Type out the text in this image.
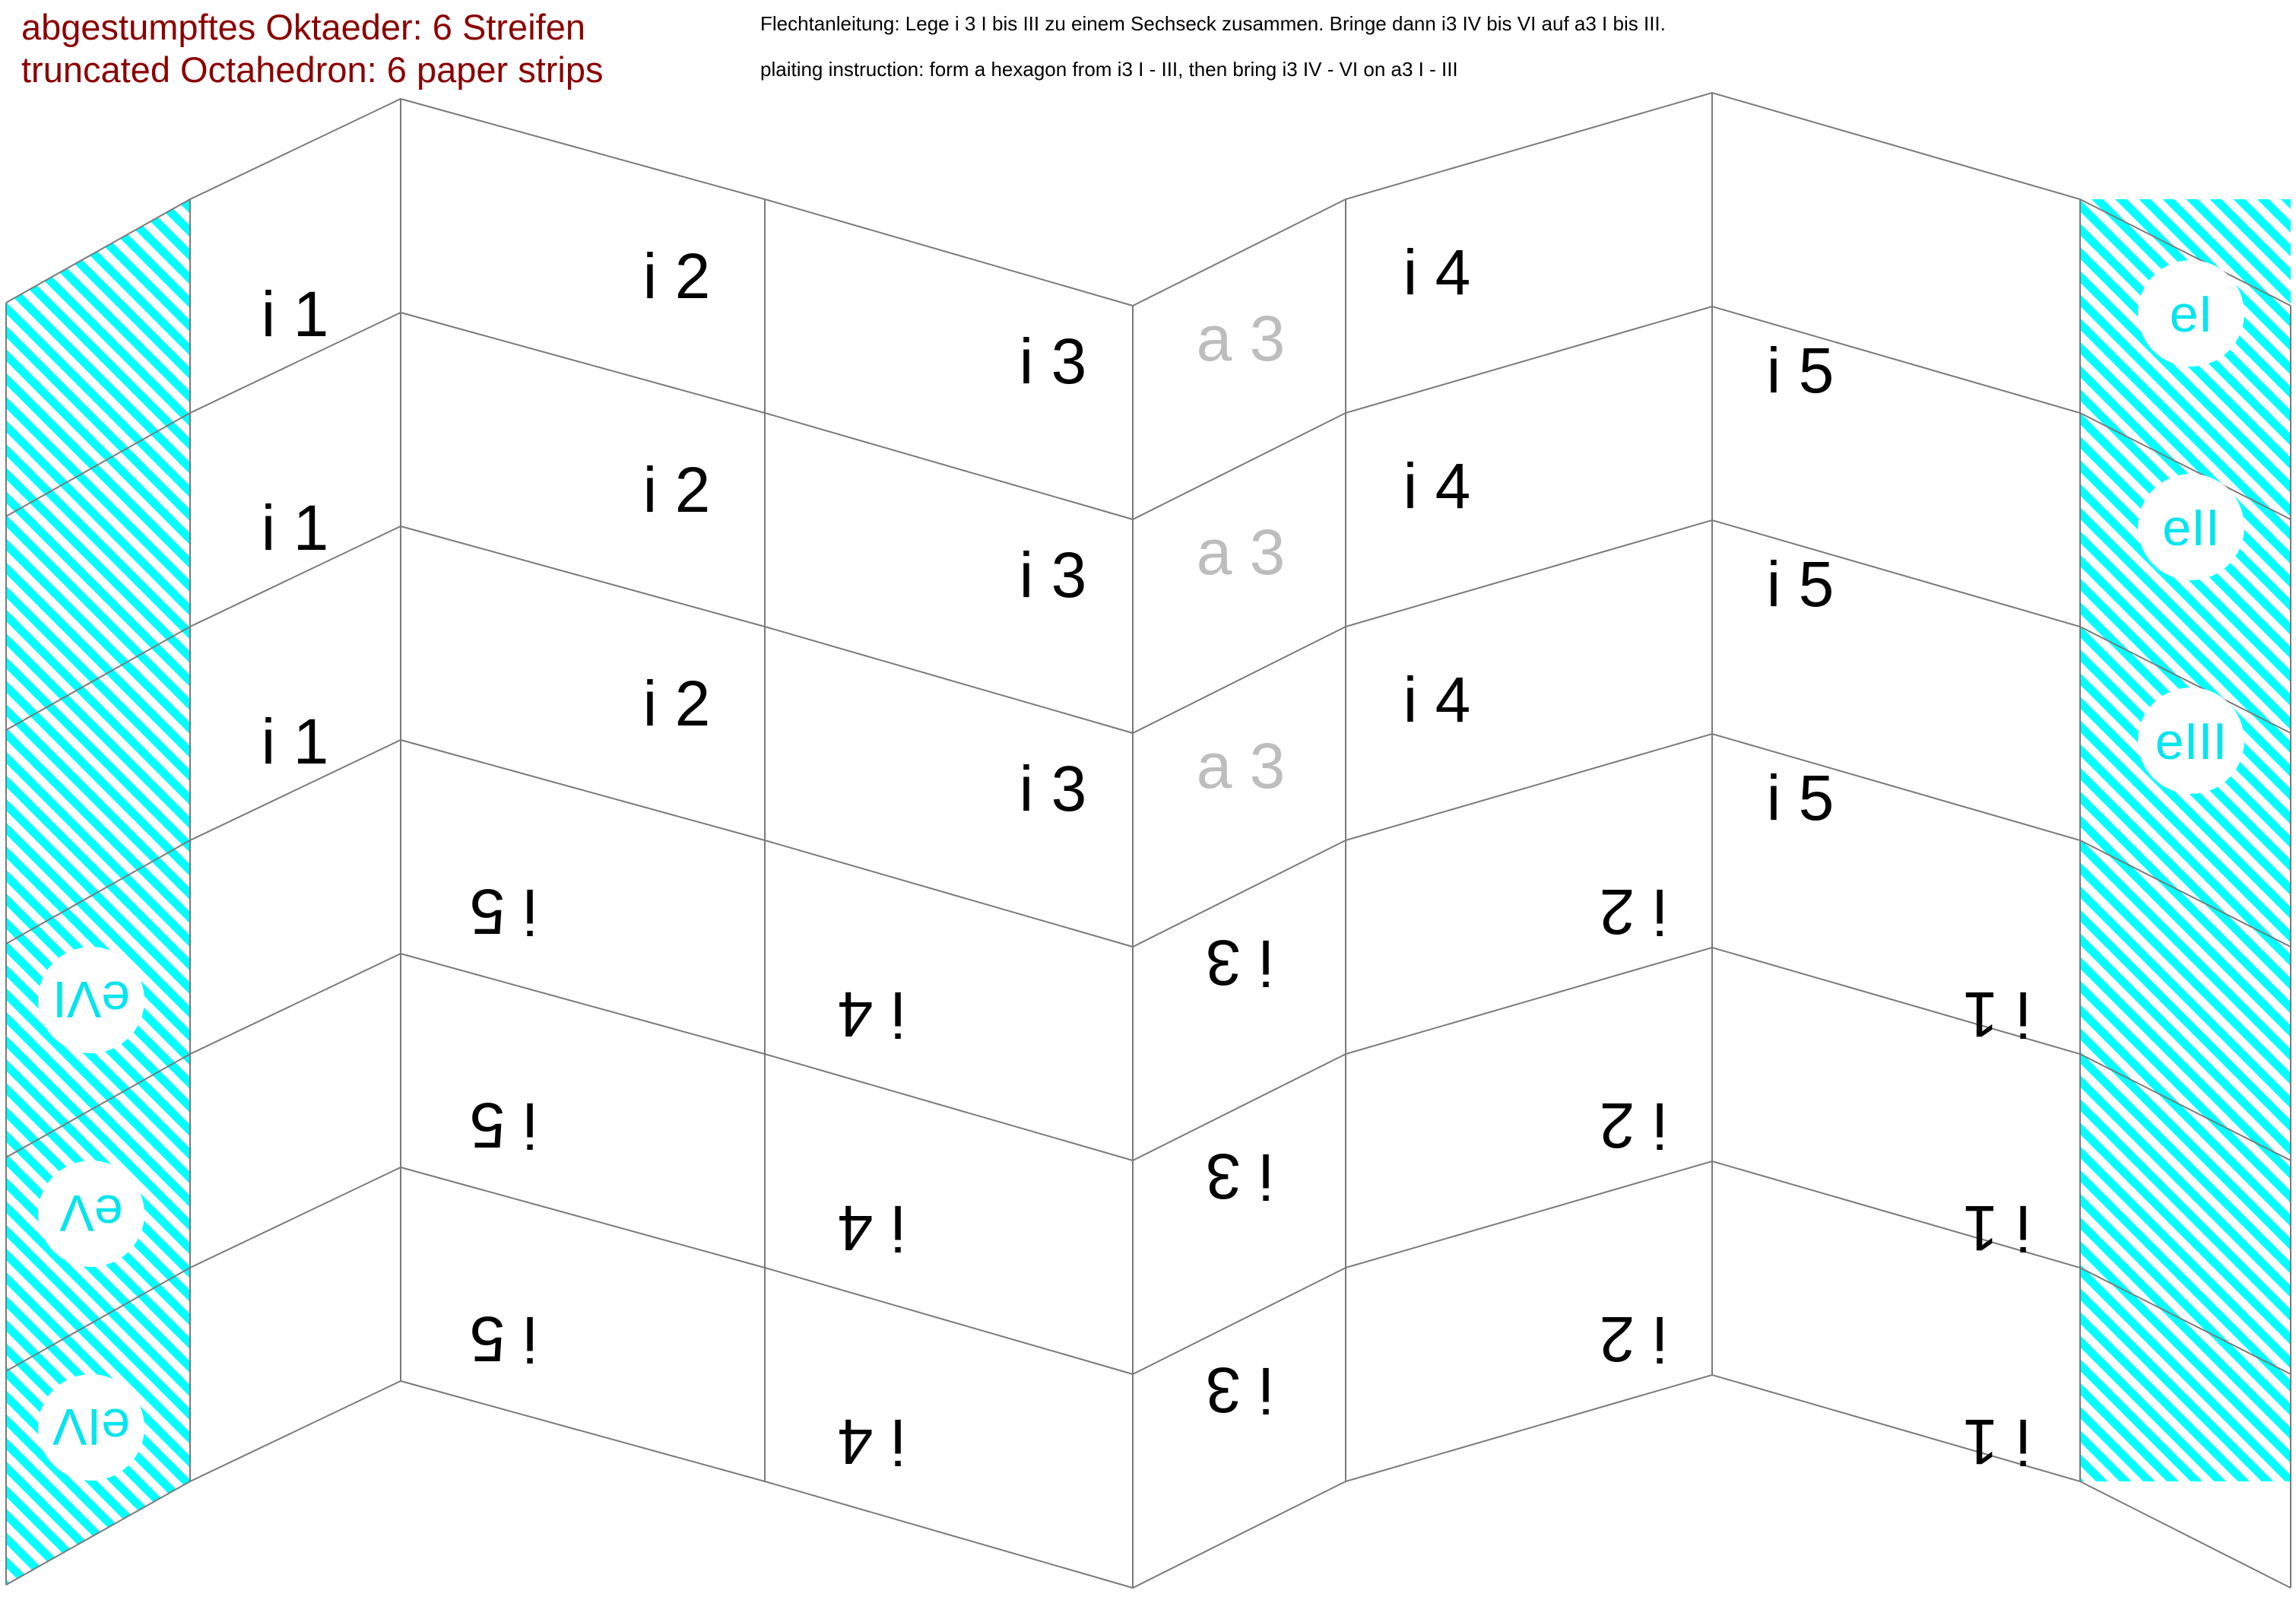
abgestumpftes Oktaeder: 6 Streifen
truncated Octahedron: 6 paper strips
Flechtanleitung: Lege i 3 I bis III zu einem Sechseck zusammen. Bringe dann i3 IV bis VI auf a3 I bis III.
plaiting instruction: form a hexagon from i3 I - III, then bring i3 IV - VI on a3 I - III
i 1
i 2
i 3 a 3
i 4
i 5
eI
i 1
i 2
i 3 a 3
i 4
i 5
eII
i 1
i 2
i 3 a 3
i 4
i 5
eIII
i 5
i 4
i 3
i 2
i 1
eVI
i 5
i 4
i 3
i 2
i 1
eV
i 5
i 4
i 3
i 2
i 1
eIV
